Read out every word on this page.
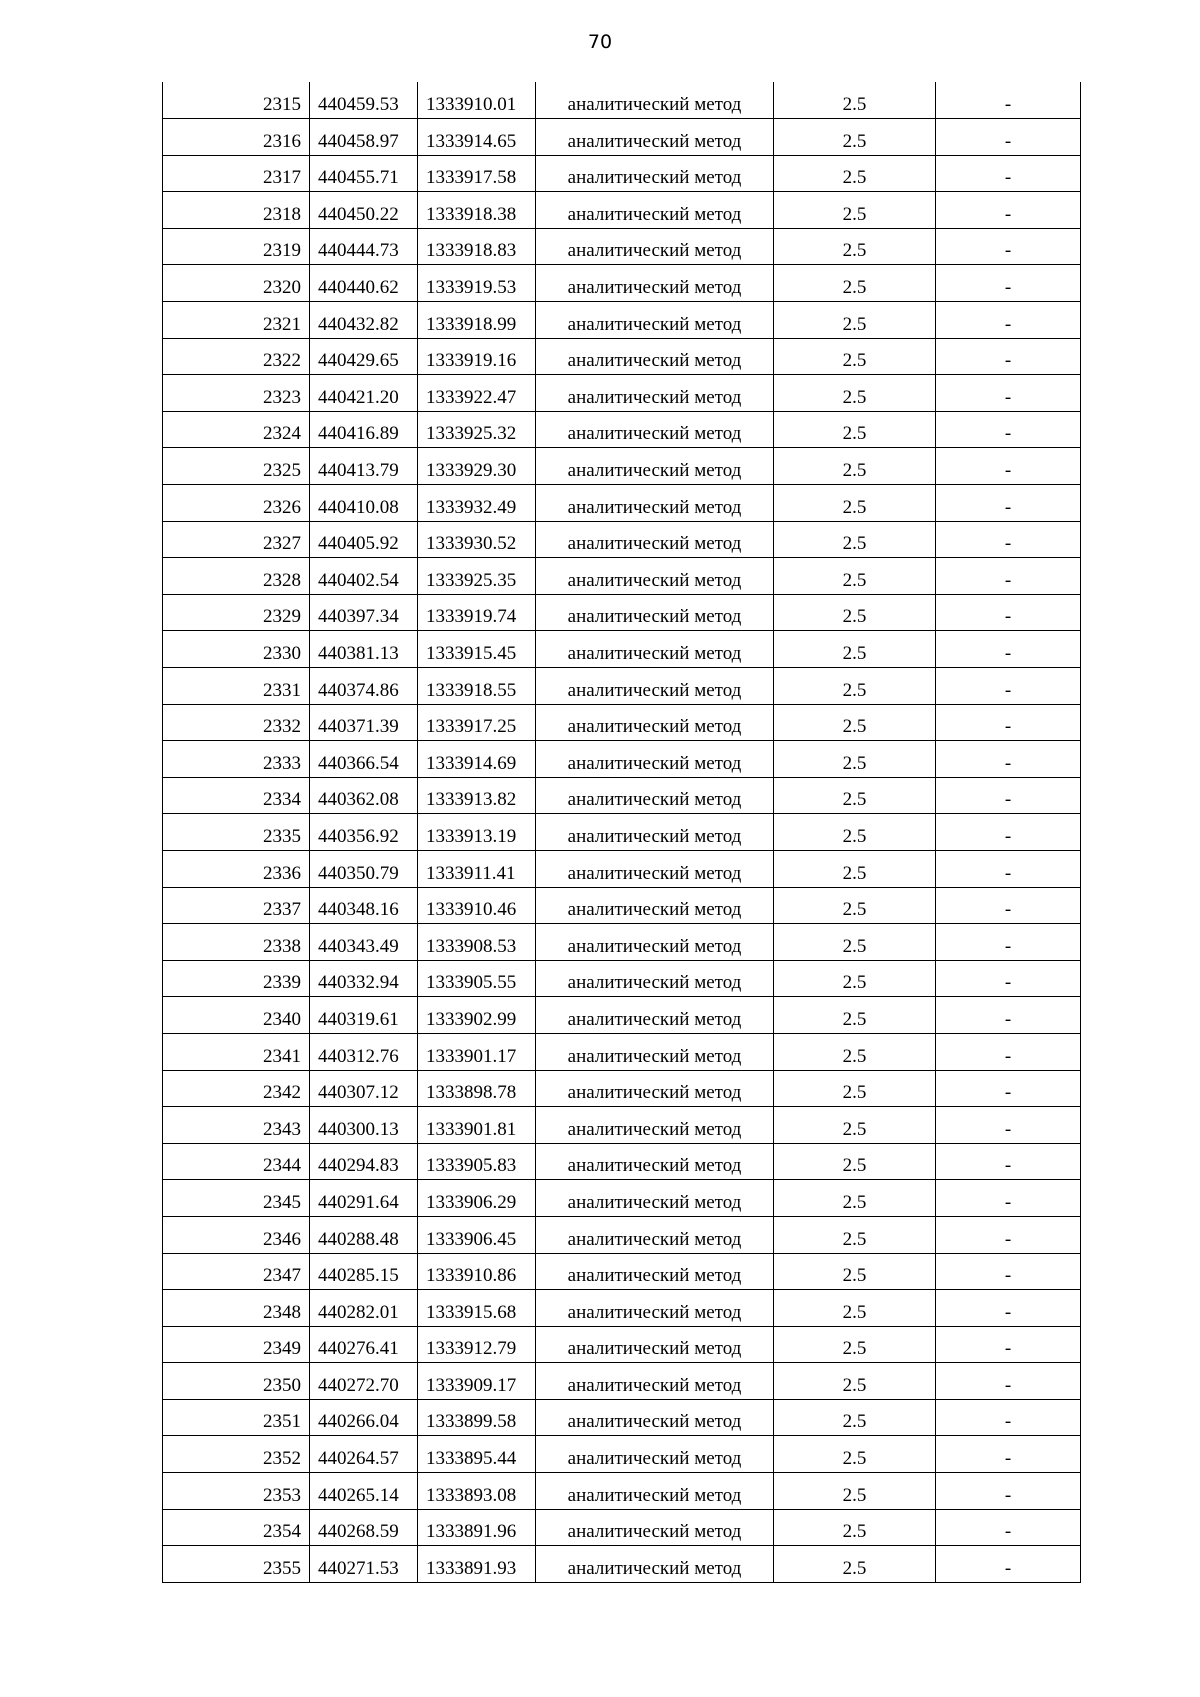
70
2315	440459.53	1333910.01	аналитический метод	2.5	-
2316	440458.97	1333914.65	аналитический метод	2.5	-
2317	440455.71	1333917.58	аналитический метод	2.5	-
2318	440450.22	1333918.38	аналитический метод	2.5	-
2319	440444.73	1333918.83	аналитический метод	2.5	-
2320	440440.62	1333919.53	аналитический метод	2.5	-
2321	440432.82	1333918.99	аналитический метод	2.5	-
2322	440429.65	1333919.16	аналитический метод	2.5	-
2323	440421.20	1333922.47	аналитический метод	2.5	-
2324	440416.89	1333925.32	аналитический метод	2.5	-
2325	440413.79	1333929.30	аналитический метод	2.5	-
2326	440410.08	1333932.49	аналитический метод	2.5	-
2327	440405.92	1333930.52	аналитический метод	2.5	-
2328	440402.54	1333925.35	аналитический метод	2.5	-
2329	440397.34	1333919.74	аналитический метод	2.5	-
2330	440381.13	1333915.45	аналитический метод	2.5	-
2331	440374.86	1333918.55	аналитический метод	2.5	-
2332	440371.39	1333917.25	аналитический метод	2.5	-
2333	440366.54	1333914.69	аналитический метод	2.5	-
2334	440362.08	1333913.82	аналитический метод	2.5	-
2335	440356.92	1333913.19	аналитический метод	2.5	-
2336	440350.79	1333911.41	аналитический метод	2.5	-
2337	440348.16	1333910.46	аналитический метод	2.5	-
2338	440343.49	1333908.53	аналитический метод	2.5	-
2339	440332.94	1333905.55	аналитический метод	2.5	-
2340	440319.61	1333902.99	аналитический метод	2.5	-
2341	440312.76	1333901.17	аналитический метод	2.5	-
2342	440307.12	1333898.78	аналитический метод	2.5	-
2343	440300.13	1333901.81	аналитический метод	2.5	-
2344	440294.83	1333905.83	аналитический метод	2.5	-
2345	440291.64	1333906.29	аналитический метод	2.5	-
2346	440288.48	1333906.45	аналитический метод	2.5	-
2347	440285.15	1333910.86	аналитический метод	2.5	-
2348	440282.01	1333915.68	аналитический метод	2.5	-
2349	440276.41	1333912.79	аналитический метод	2.5	-
2350	440272.70	1333909.17	аналитический метод	2.5	-
2351	440266.04	1333899.58	аналитический метод	2.5	-
2352	440264.57	1333895.44	аналитический метод	2.5	-
2353	440265.14	1333893.08	аналитический метод	2.5	-
2354	440268.59	1333891.96	аналитический метод	2.5	-
2355	440271.53	1333891.93	аналитический метод	2.5	-
